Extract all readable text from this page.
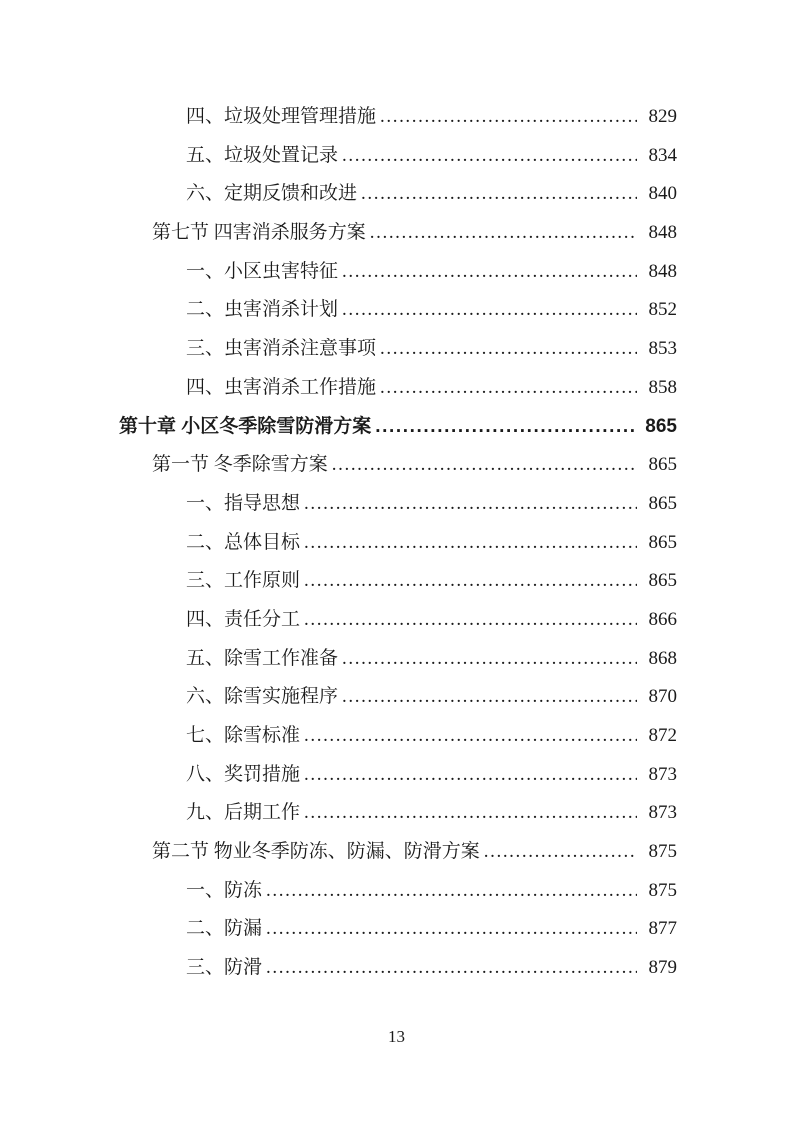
四、垃圾处理管理措施 .....	829
五、垃圾处置记录 .....	834
六、定期反馈和改进 .....	840
第七节 四害消杀服务方案 .....	848
一、小区虫害特征 .....	848
二、虫害消杀计划 .....	852
三、虫害消杀注意事项 .....	853
四、虫害消杀工作措施 .....	858
第十章 小区冬季除雪防滑方案 .....	865
第一节 冬季除雪方案 .....	865
一、指导思想 .....	865
二、总体目标 .....	865
三、工作原则 .....	865
四、责任分工 .....	866
五、除雪工作准备 .....	868
六、除雪实施程序 .....	870
七、除雪标准 .....	872
八、奖罚措施 .....	873
九、后期工作 .....	873
第二节 物业冬季防冻、防漏、防滑方案 .....	875
一、防冻 .....	875
二、防漏 .....	877
三、防滑 .....	879
13
